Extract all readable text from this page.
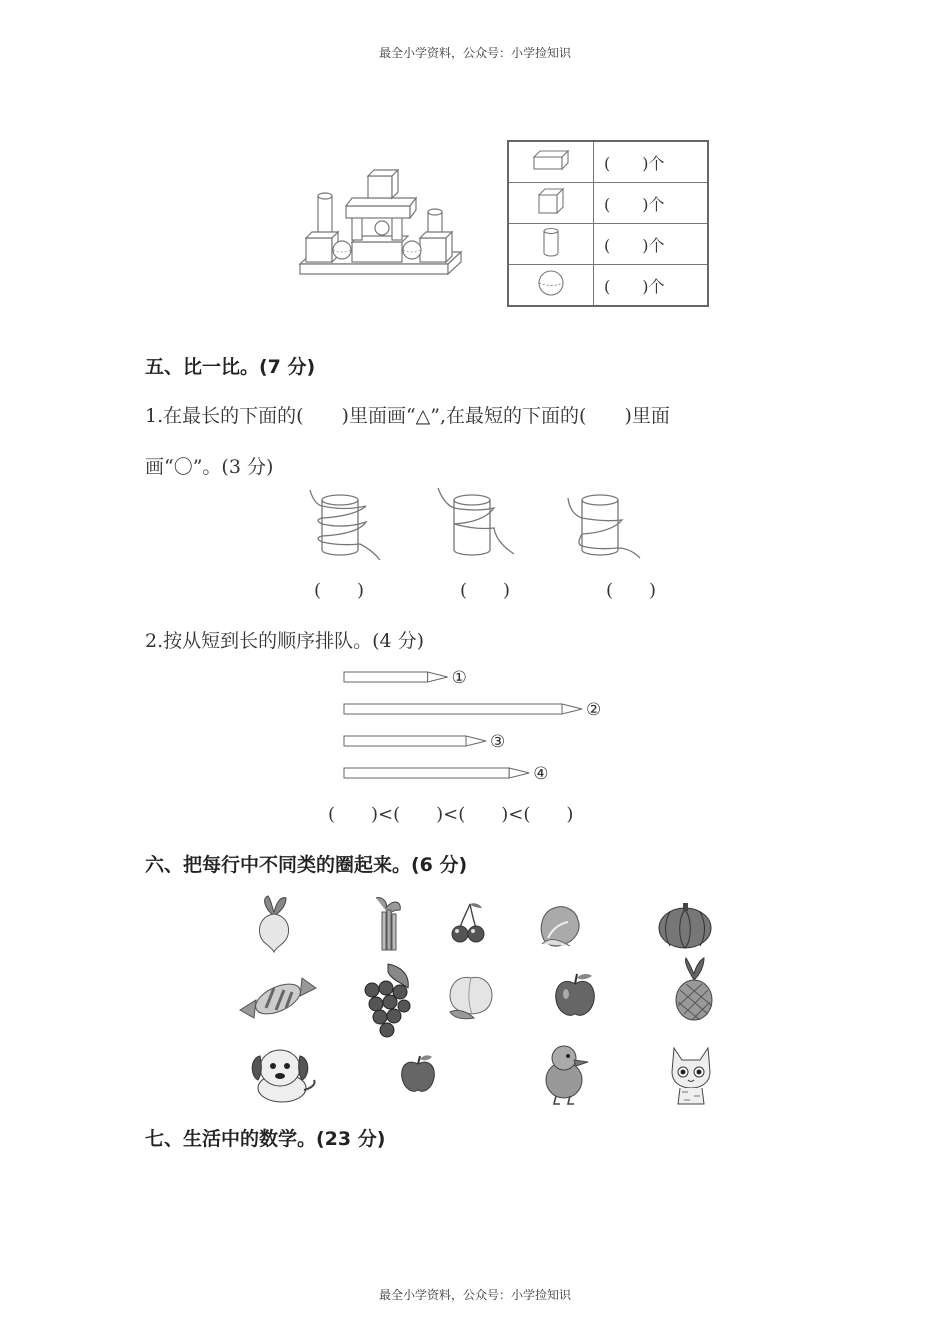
最全小学资料，公众号：小学捡知识
	(　　)个
	(　　)个
	(　　)个
	(　　)个
五、比一比。(7 分)
1.在最长的下面的(　　)里面画“△”,在最短的下面的(　　)里面
画“〇”。(3 分)
(　　)	(　　)	(　　)
2.按从短到长的顺序排队。(4 分)
①
②
③
④
(　　)<(　　)<(　　)<(　　)
六、把每行中不同类的圈起来。(6 分)
七、生活中的数学。(23 分)
最全小学资料，公众号：小学捡知识
